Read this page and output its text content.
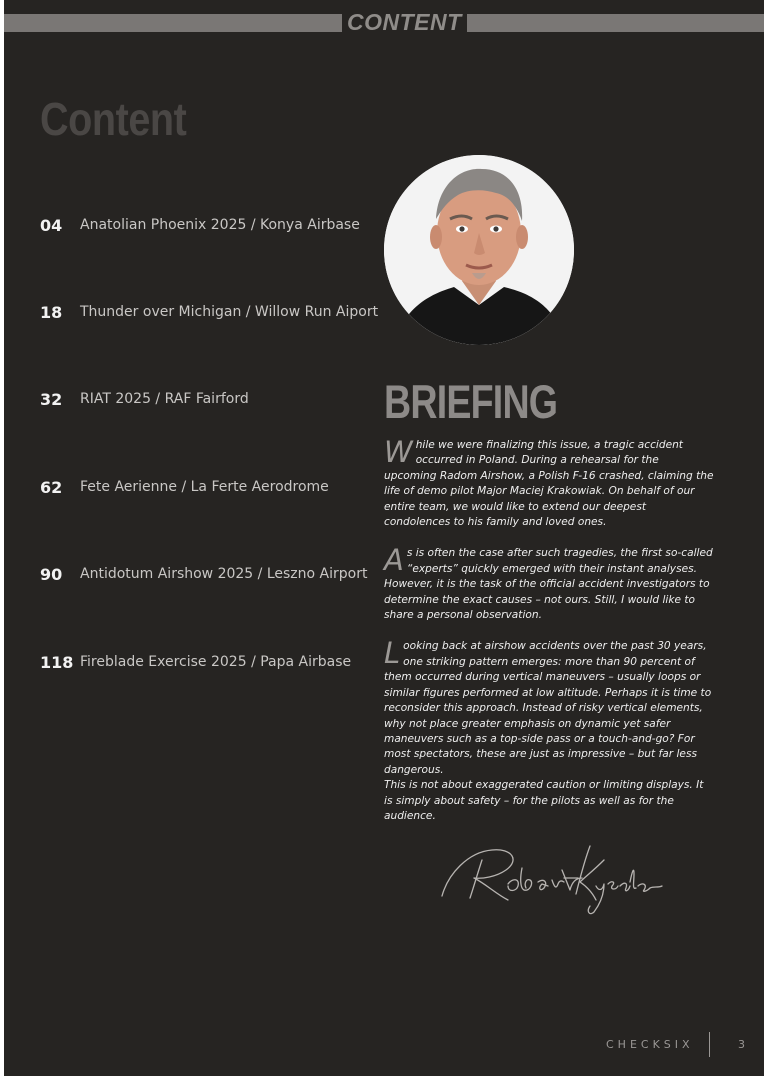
CONTENT
Content
04	Anatolian Phoenix 2025 / Konya Airbase
18	Thunder over Michigan / Willow Run Aiport
32	RIAT 2025 / RAF Fairford
62	Fete Aerienne / La Ferte Aerodrome
90	Antidotum Airshow 2025 / Leszno Airport
118 Fireblade Exercise 2025 / Papa Airbase
BRIEFING

W hile we were finalizing this issue, a tragic accident occurred in Poland. During a rehearsal for the upcoming Radom Airshow, a Polish F-16 crashed, claiming the life of demo pilot Major Maciej Krakowiak. On behalf of our entire team, we would like to extend our deepest condolences to his family and loved ones.

A s is often the case after such tragedies, the first so-called “experts” quickly emerged with their instant analyses. However, it is the task of the official accident investigators to determine the exact causes – not ours. Still, I would like to share a personal observation.

L ooking back at airshow accidents over the past 30 years, one striking pattern emerges: more than 90 percent of them occurred during vertical maneuvers – usually loops or similar figures performed at low altitude. Perhaps it is time to reconsider this approach. Instead of risky vertical elements, why not place greater emphasis on dynamic yet safer maneuvers such as a top-side pass or a touch-and-go? For most spectators, these are just as impressive – but far less dangerous.

This is not about exaggerated caution or limiting displays. It is simply about safety – for the pilots as well as for the audience.

CHECKSIX	3
